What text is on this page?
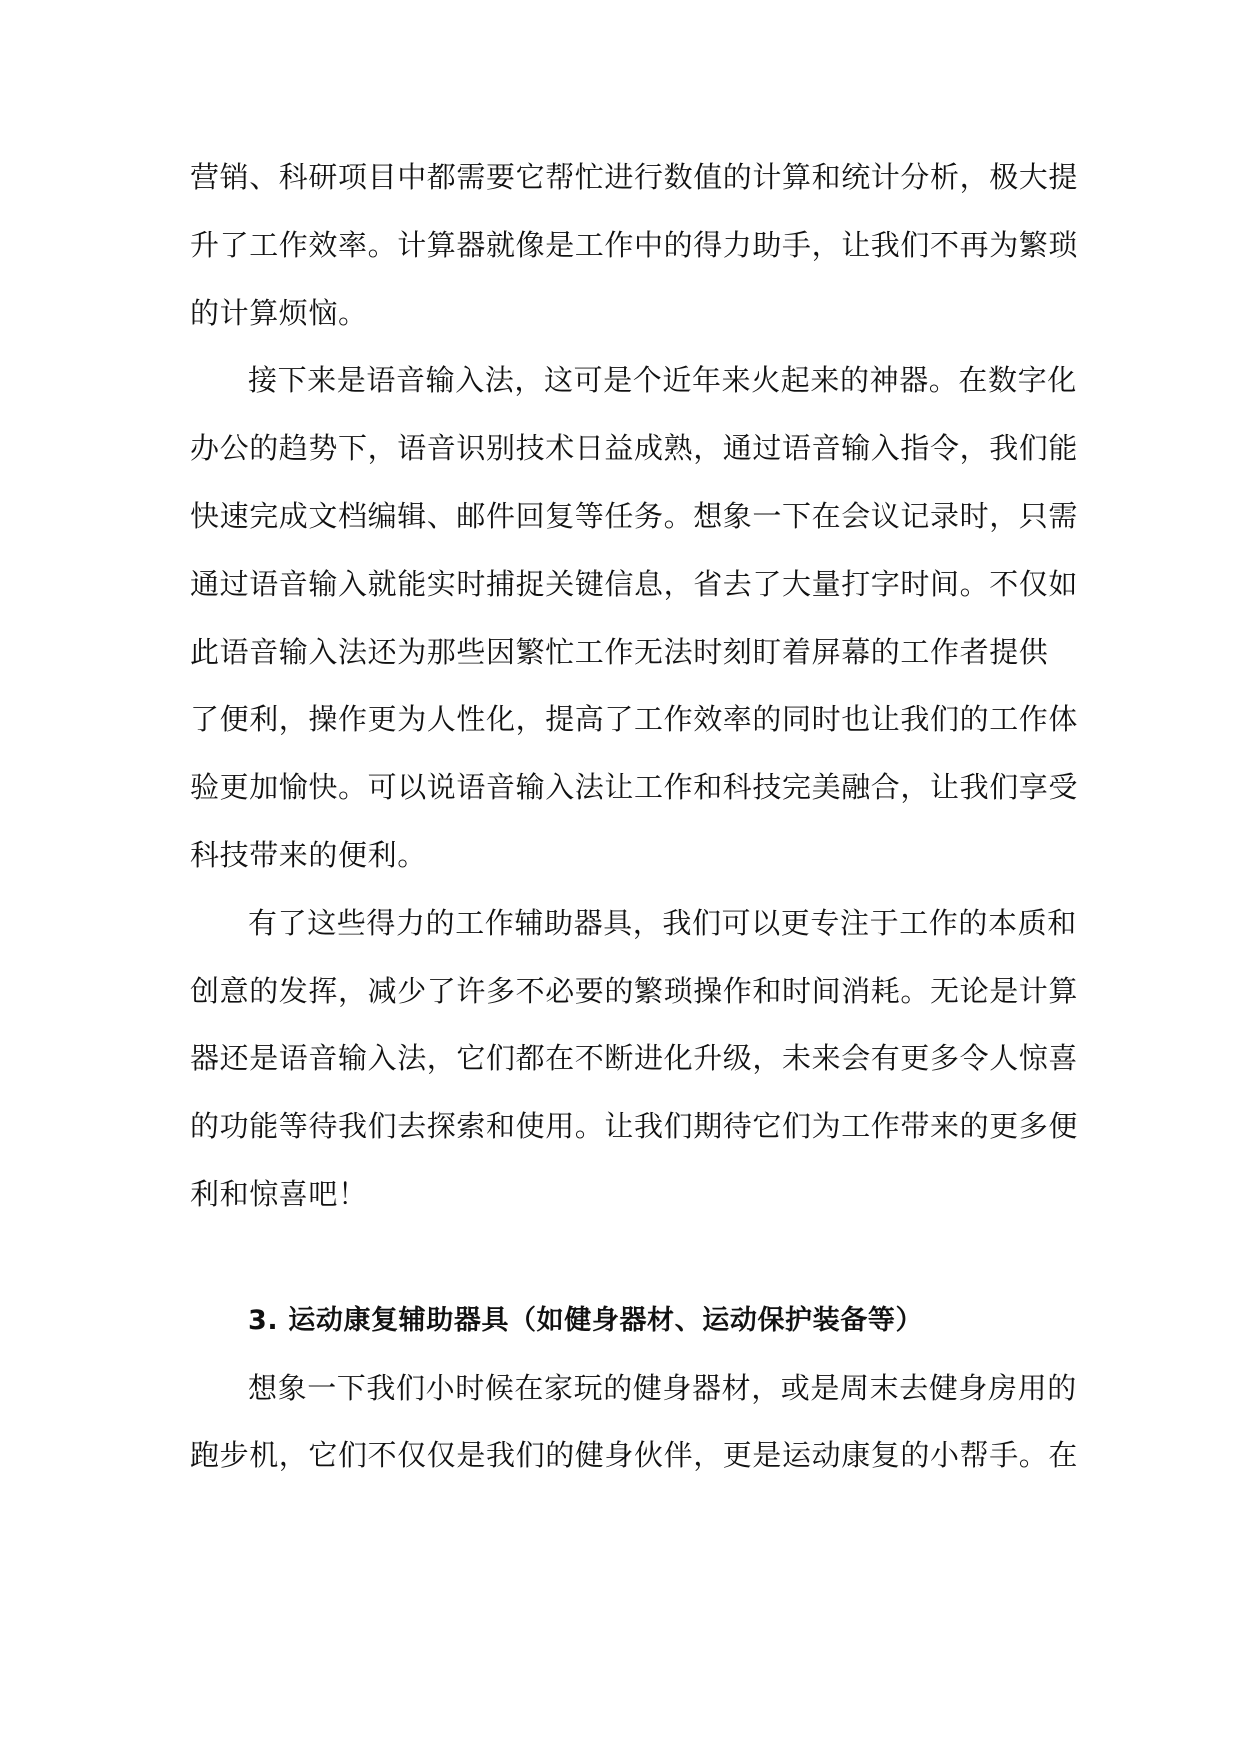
营销、科研项目中都需要它帮忙进行数值的计算和统计分析，极大提
升了工作效率。计算器就像是工作中的得力助手，让我们不再为繁琐
的计算烦恼。
接下来是语音输入法，这可是个近年来火起来的神器。在数字化
办公的趋势下，语音识别技术日益成熟，通过语音输入指令，我们能
快速完成文档编辑、邮件回复等任务。想象一下在会议记录时，只需
通过语音输入就能实时捕捉关键信息，省去了大量打字时间。不仅如
此语音输入法还为那些因繁忙工作无法时刻盯着屏幕的工作者提供
了便利，操作更为人性化，提高了工作效率的同时也让我们的工作体
验更加愉快。可以说语音输入法让工作和科技完美融合，让我们享受
科技带来的便利。
有了这些得力的工作辅助器具，我们可以更专注于工作的本质和
创意的发挥，减少了许多不必要的繁琐操作和时间消耗。无论是计算
器还是语音输入法，它们都在不断进化升级，未来会有更多令人惊喜
的功能等待我们去探索和使用。让我们期待它们为工作带来的更多便
利和惊喜吧！
3. 运动康复辅助器具（如健身器材、运动保护装备等）
想象一下我们小时候在家玩的健身器材，或是周末去健身房用的
跑步机，它们不仅仅是我们的健身伙伴，更是运动康复的小帮手。在
